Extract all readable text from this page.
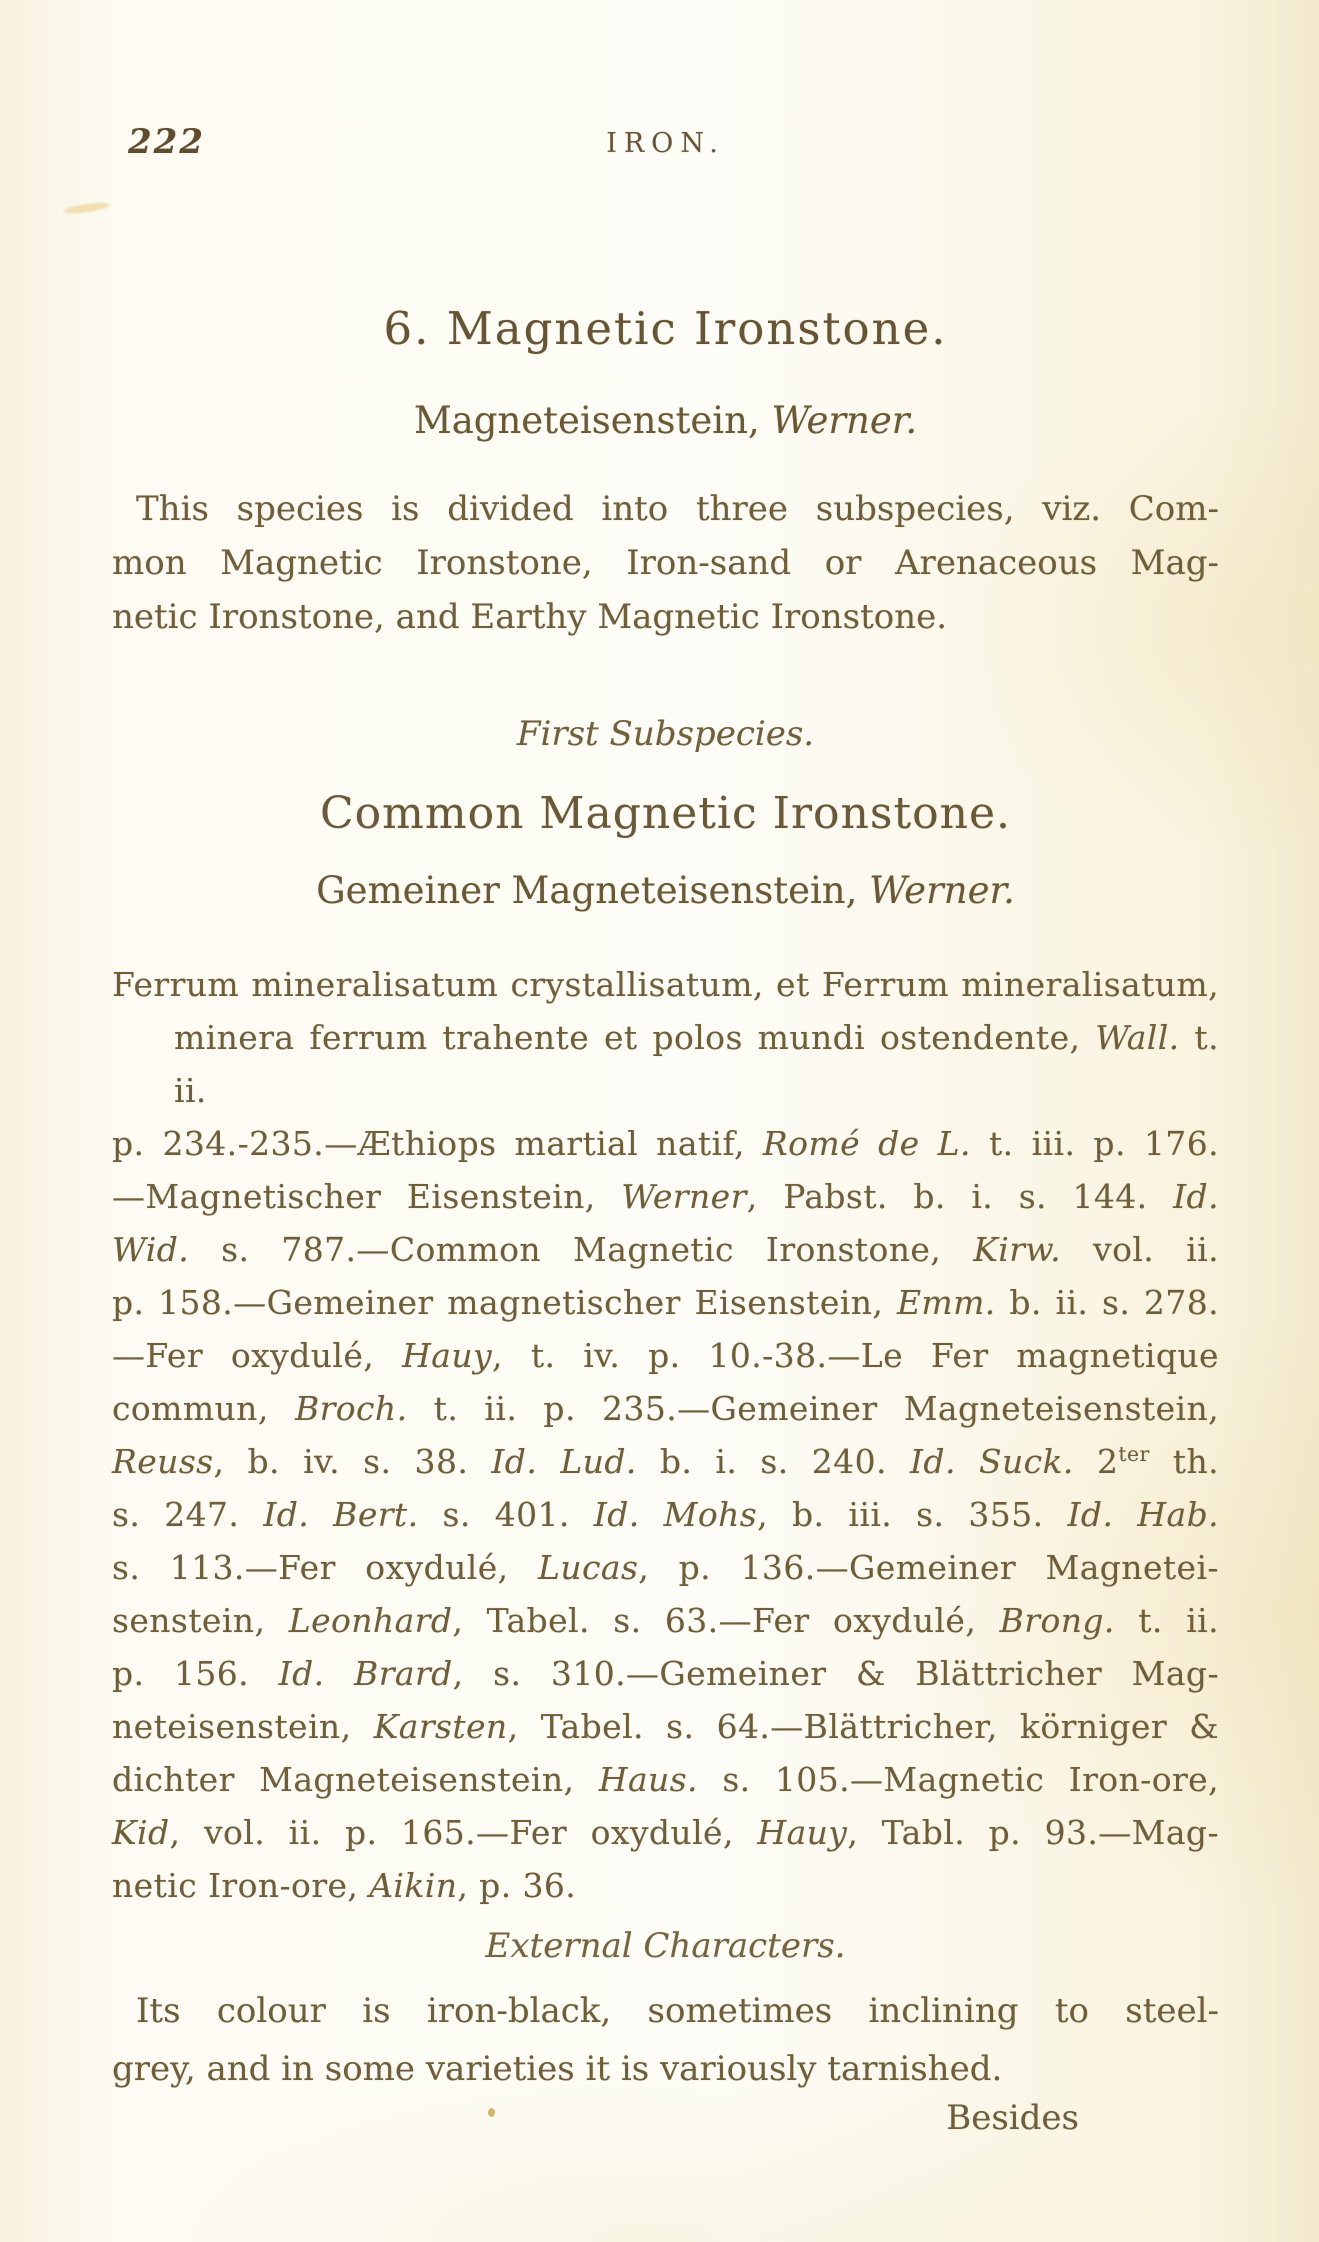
222	IRON.
6. Magnetic Ironstone.
Magneteisenstein, Werner.
This species is divided into three subspecies, viz. Com-
mon Magnetic Ironstone, Iron-sand or Arenaceous Mag-
netic Ironstone, and Earthy Magnetic Ironstone.
First Subspecies.
Common Magnetic Ironstone.
Gemeiner Magneteisenstein, Werner.
Ferrum mineralisatum crystallisatum, et Ferrum mineralisatum,
minera ferrum trahente et polos mundi ostendente, Wall. t. ii.
p. 234.-235.—Æthiops martial natif, Romé de L. t. iii. p. 176.
—Magnetischer Eisenstein, Werner, Pabst. b. i. s. 144. Id.
Wid. s. 787.—Common Magnetic Ironstone, Kirw. vol. ii.
p. 158.—Gemeiner magnetischer Eisenstein, Emm. b. ii. s. 278.
—Fer oxydulé, Hauy, t. iv. p. 10.-38.—Le Fer magnetique
commun, Broch. t. ii. p. 235.—Gemeiner Magneteisenstein,
Reuss, b. iv. s. 38. Id. Lud. b. i. s. 240. Id. Suck. $2^{ter}$ th.
s. 247. Id. Bert. s. 401. Id. Mohs, b. iii. s. 355. Id. Hab.
s. 113.—Fer oxydulé, Lucas, p. 136.—Gemeiner Magnetei-
senstein, Leonhard, Tabel. s. 63.—Fer oxydulé, Brong. t. ii.
p. 156. Id. Brard, s. 310.—Gemeiner & Blättricher Mag-
neteisenstein, Karsten, Tabel. s. 64.—Blättricher, körniger &
dichter Magneteisenstein, Haus. s. 105.—Magnetic Iron-ore,
Kid, vol. ii. p. 165.—Fer oxydulé, Hauy, Tabl. p. 93.—Mag-
netic Iron-ore, Aikin, p. 36.
External Characters.
Its colour is iron-black, sometimes inclining to steel-
grey, and in some varieties it is variously tarnished.
Besides
